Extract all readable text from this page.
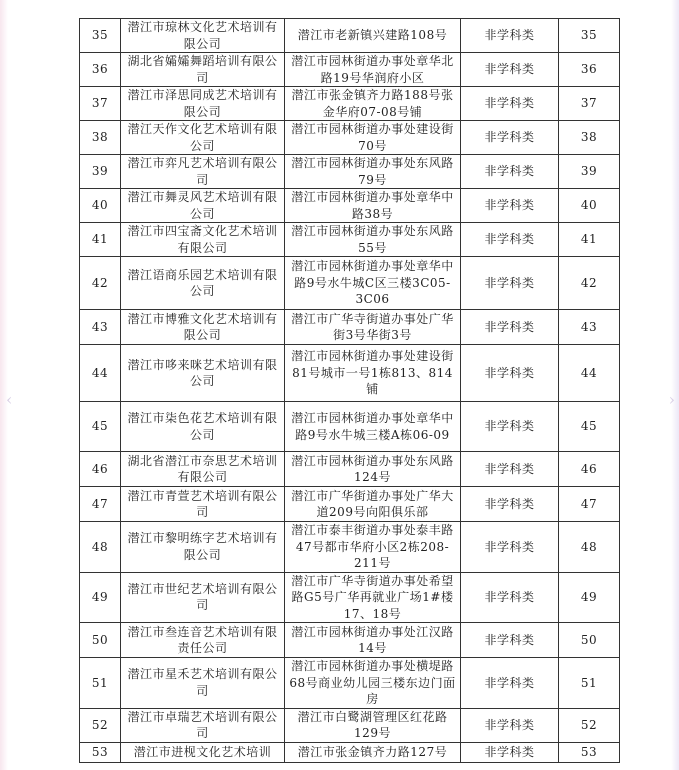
‹	›
35	潜江市琼林文化艺术培训有限公司	潜江市老新镇兴建路108号	非学科类	35
36	湖北省孀孀舞蹈培训有限公司	潜江市园林街道办事处章华北路19号华润府小区	非学科类	36
37	潜江市泽思同成艺术培训有限公司	潜江市张金镇齐力路188号张金华府07-08号铺	非学科类	37
38	潜江天作文化艺术培训有限公司	潜江市园林街道办事处建设街70号	非学科类	38
39	潜江市弈凡艺术培训有限公司	潜江市园林街道办事处东风路79号	非学科类	39
40	潜江市舞灵风艺术培训有限公司	潜江市园林街道办事处章华中路38号	非学科类	40
41	潜江市四宝斋文化艺术培训有限公司	潜江市园林街道办事处东风路55号	非学科类	41
42	潜江语商乐园艺术培训有限公司	潜江市园林街道办事处章华中路9号水牛城C区三楼3C05-3C06	非学科类	42
43	潜江市博雅文化艺术培训有限公司	潜江市广华寺街道办事处广华街3号华街3号	非学科类	43
44	潜江市哆来咪艺术培训有限公司	潜江市园林街道办事处建设街81号城市一号1栋813、814铺	非学科类	44
45	潜江市柒色花艺术培训有限公司	潜江市园林街道办事处章华中路9号水牛城三楼A栋06-09	非学科类	45
46	湖北省潜江市奈思艺术培训有限公司	潜江市园林街道办事处东风路124号	非学科类	46
47	潜江市青萱艺术培训有限公司	潜江市广华街道办事处广华大道209号向阳俱乐部	非学科类	47
48	潜江市黎明练字艺术培训有限公司	潜江市泰丰街道办事处泰丰路47号都市华府小区2栋208-211号	非学科类	48
49	潜江市世纪艺术培训有限公司	潜江市广华寺街道办事处希望路G5号广华再就业广场1#楼17、18号	非学科类	49
50	潜江市叁连音艺术培训有限责任公司	潜江市园林街道办事处江汉路14号	非学科类	50
51	潜江市星禾艺术培训有限公司	潜江市园林街道办事处横堤路68号商业幼儿园三楼东边门面房	非学科类	51
52	潜江市卓瑞艺术培训有限公司	潜江市白鹭湖管理区红花路129号	非学科类	52
53	潜江市进枧文化艺术培训	潜江市张金镇齐力路127号	非学科类	53
